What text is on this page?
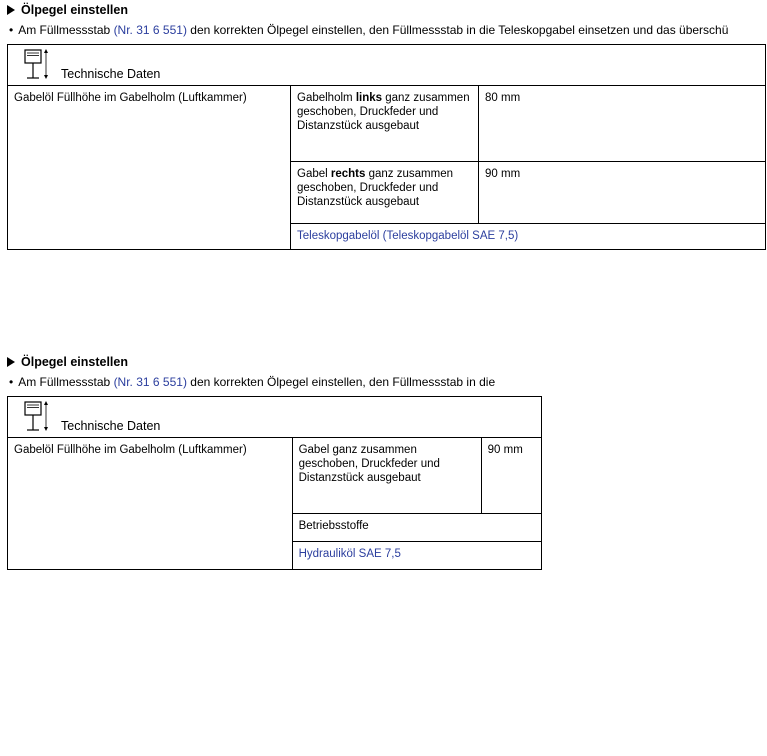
Ölpegel einstellen
• Am Füllmessstab (Nr. 31 6 551) den korrekten Ölpegel einstellen, den Füllmessstab in die Teleskopgabel einsetzen und das überschü
Technische Daten		

Gabelöl Füllhöhe im Gabelholm (Luftkammer)	Gabelholm links ganz zusammen geschoben, Druckfeder und Distanzstück ausgebaut	80 mm
	Gabel rechts ganz zusammen geschoben, Druckfeder und Distanzstück ausgebaut	90 mm
	Teleskopgabelöl (Teleskopgabelöl SAE 7,5)	
Ölpegel einstellen
• Am Füllmessstab (Nr. 31 6 551) den korrekten Ölpegel einstellen, den Füllmessstab in die
Technische Daten

Gabelöl Füllhöhe im Gabelholm (Luftkammer)	Gabel ganz zusammen geschoben, Druckfeder und Distanzstück ausgebaut	90 mm
Betriebsstoffe
Hydrauliköl SAE 7,5
